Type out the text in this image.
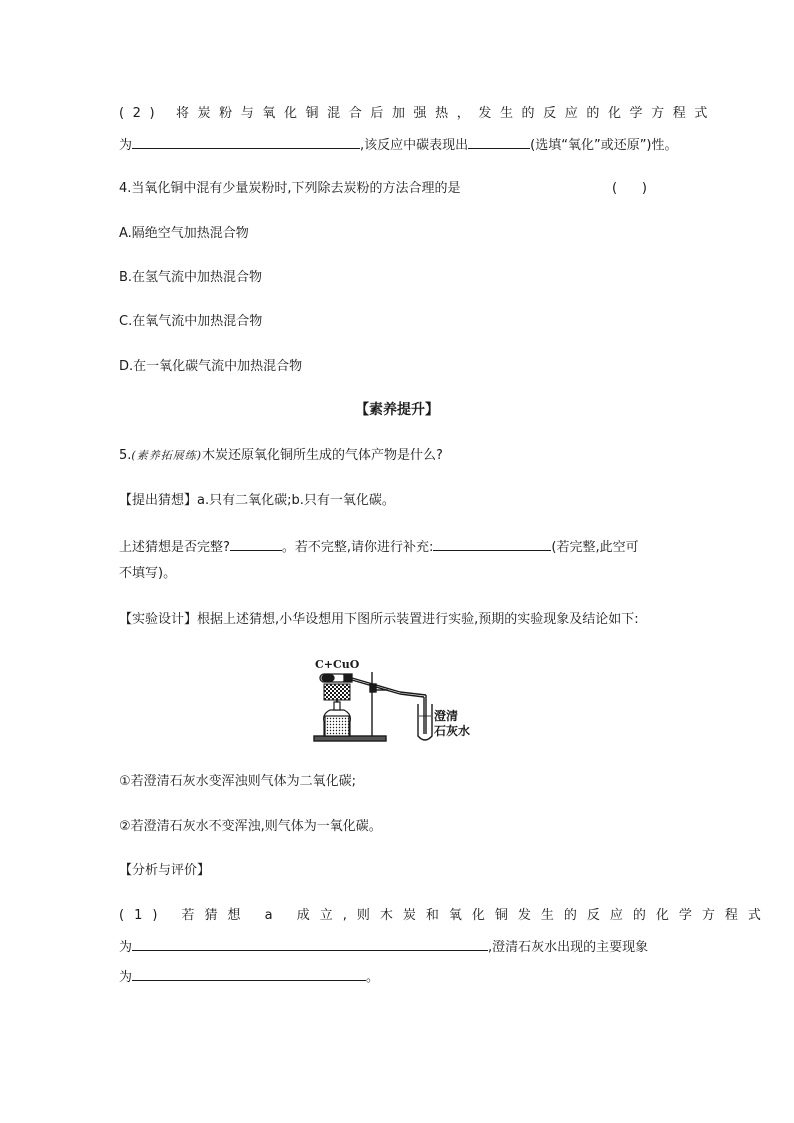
(2) 将炭粉与氧化铜混合后加强热，发生的反应的化学方程式
为	,该反应中碳表现出	(选填“氧化”或还原”)性。
4.当氧化铜中混有少量炭粉时,下列除去炭粉的方法合理的是	(      )
A.隔绝空气加热混合物
B.在氢气流中加热混合物
C.在氧气流中加热混合物
D.在一氧化碳气流中加热混合物
【素养提升】
5.(素养拓展练)木炭还原氧化铜所生成的气体产物是什么?
【提出猜想】a.只有二氧化碳;b.只有一氧化碳。
上述猜想是否完整?	。若不完整,请你进行补充:	(若完整,此空可
不填写)。
【实验设计】根据上述猜想,小华设想用下图所示装置进行实验,预期的实验现象及结论如下:
C+CuO
澄清
石灰水
①若澄清石灰水变浑浊则气体为二氧化碳;
②若澄清石灰水不变浑浊,则气体为一氧化碳。
【分析与评价】
(1) 若猜想 a 成立,则木炭和氧化铜发生的反应的化学方程式
为	,澄清石灰水出现的主要现象
为	。
